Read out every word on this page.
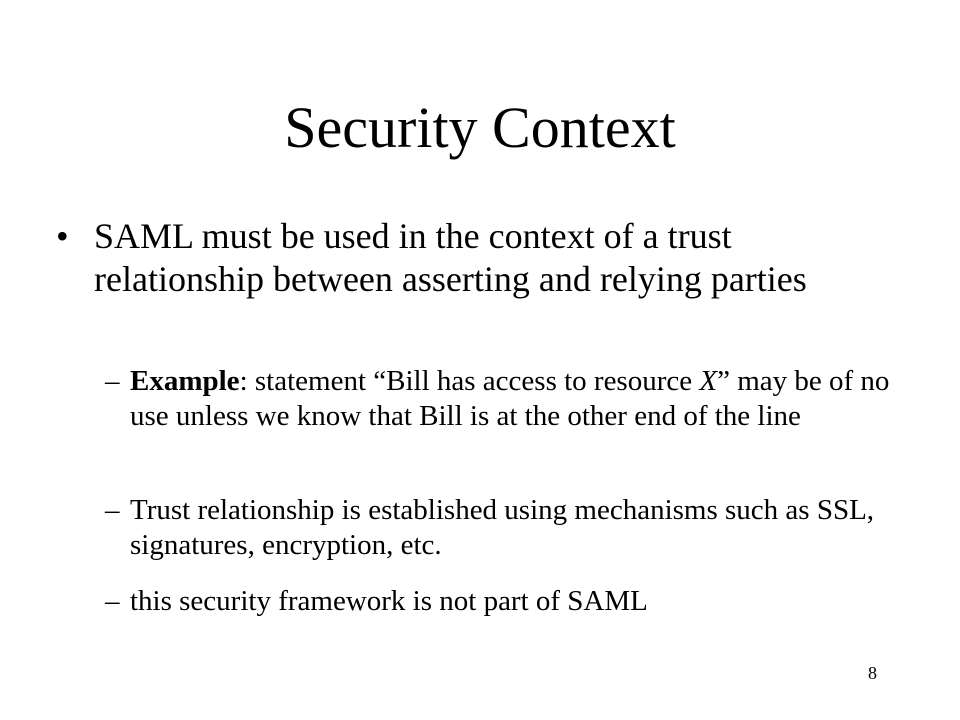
Security Context
• SAML must be used in the context of a trust relationship between asserting and relying parties
– Example: statement “Bill has access to resource X” may be of no use unless we know that Bill is at the other end of the line
– Trust relationship is established using mechanisms such as SSL, signatures, encryption, etc.
– this security framework is not part of SAML
8
